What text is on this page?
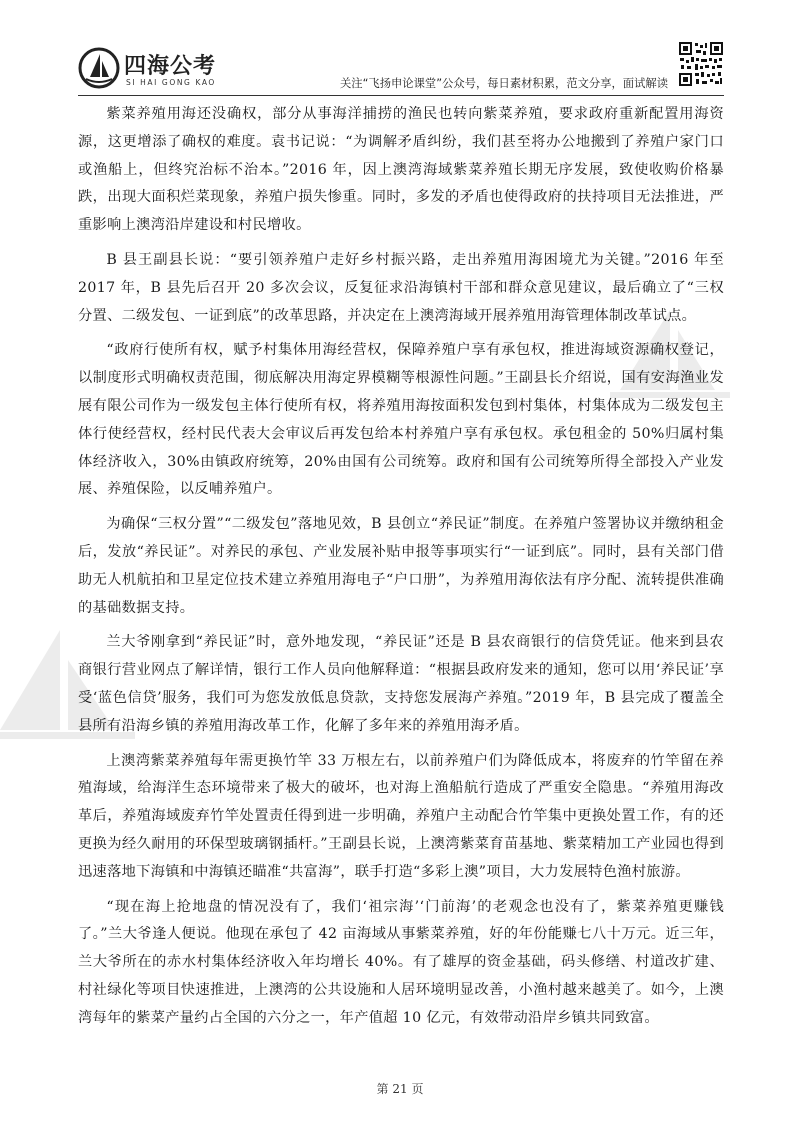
四海公考
SI HAI GONG KAO	关注“飞扬申论课堂”公众号，每日素材积累，范文分享，面试解读

紫菜养殖用海还没确权，部分从事海洋捕捞的渔民也转向紫菜养殖，要求政府重新配置用海资源，这更增添了确权的难度。袁书记说：“为调解矛盾纠纷，我们甚至将办公地搬到了养殖户家门口或渔船上，但终究治标不治本。”2016 年，因上澳湾海域紫菜养殖长期无序发展，致使收购价格暴跌，出现大面积烂菜现象，养殖户损失惨重。同时，多发的矛盾也使得政府的扶持项目无法推进，严重影响上澳湾沿岸建设和村民增收。

B 县王副县长说：“要引领养殖户走好乡村振兴路，走出养殖用海困境尤为关键。”2016 年至 2017 年，B 县先后召开 20 多次会议，反复征求沿海镇村干部和群众意见建议，最后确立了“三权分置、二级发包、一证到底”的改革思路，并决定在上澳湾海域开展养殖用海管理体制改革试点。

“政府行使所有权，赋予村集体用海经营权，保障养殖户享有承包权，推进海域资源确权登记，以制度形式明确权责范围，彻底解决用海定界模糊等根源性问题。”王副县长介绍说，国有安海渔业发展有限公司作为一级发包主体行使所有权，将养殖用海按面积发包到村集体，村集体成为二级发包主体行使经营权，经村民代表大会审议后再发包给本村养殖户享有承包权。承包租金的 50%归属村集体经济收入，30%由镇政府统筹，20%由国有公司统筹。政府和国有公司统筹所得全部投入产业发展、养殖保险，以反哺养殖户。

为确保“三权分置”“二级发包”落地见效，B 县创立“养民证”制度。在养殖户签署协议并缴纳租金后，发放“养民证”。对养民的承包、产业发展补贴申报等事项实行“一证到底”。同时，县有关部门借助无人机航拍和卫星定位技术建立养殖用海电子“户口册”，为养殖用海依法有序分配、流转提供准确的基础数据支持。

兰大爷刚拿到“养民证”时，意外地发现，“养民证”还是 B 县农商银行的信贷凭证。他来到县农商银行营业网点了解详情，银行工作人员向他解释道：“根据县政府发来的通知，您可以用‘养民证’享受‘蓝色信贷’服务，我们可为您发放低息贷款，支持您发展海产养殖。”2019 年，B 县完成了覆盖全县所有沿海乡镇的养殖用海改革工作，化解了多年来的养殖用海矛盾。

上澳湾紫菜养殖每年需更换竹竿 33 万根左右，以前养殖户们为降低成本，将废弃的竹竿留在养殖海域，给海洋生态环境带来了极大的破坏，也对海上渔船航行造成了严重安全隐患。“养殖用海改革后，养殖海域废弃竹竿处置责任得到进一步明确，养殖户主动配合竹竿集中更换处置工作，有的还更换为经久耐用的环保型玻璃钢插杆。”王副县长说，上澳湾紫菜育苗基地、紫菜精加工产业园也得到迅速落地下海镇和中海镇还瞄准“共富海”，联手打造“多彩上澳”项目，大力发展特色渔村旅游。

“现在海上抢地盘的情况没有了，我们‘祖宗海’‘门前海’的老观念也没有了，紫菜养殖更赚钱了。”兰大爷逢人便说。他现在承包了 42 亩海域从事紫菜养殖，好的年份能赚七八十万元。近三年，兰大爷所在的赤水村集体经济收入年均增长 40%。有了雄厚的资金基础，码头修缮、村道改扩建、村社绿化等项目快速推进，上澳湾的公共设施和人居环境明显改善，小渔村越来越美了。如今，上澳湾每年的紫菜产量约占全国的六分之一，年产值超 10 亿元，有效带动沿岸乡镇共同致富。

第 21 页
